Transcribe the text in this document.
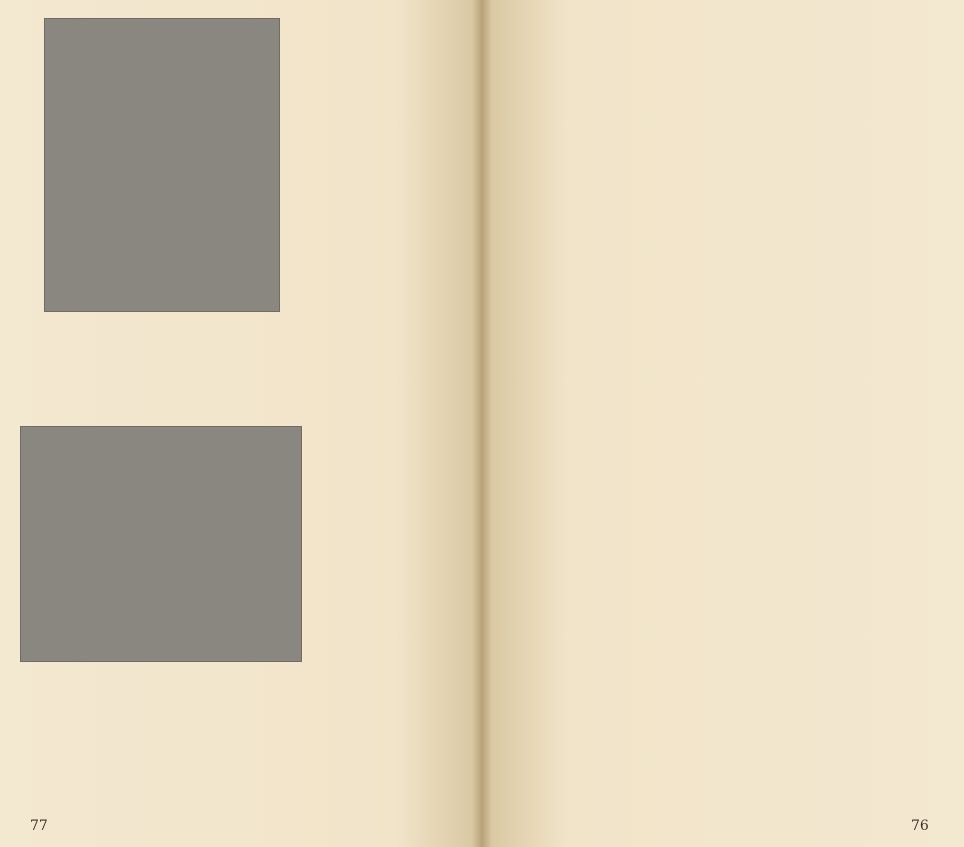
77	76
